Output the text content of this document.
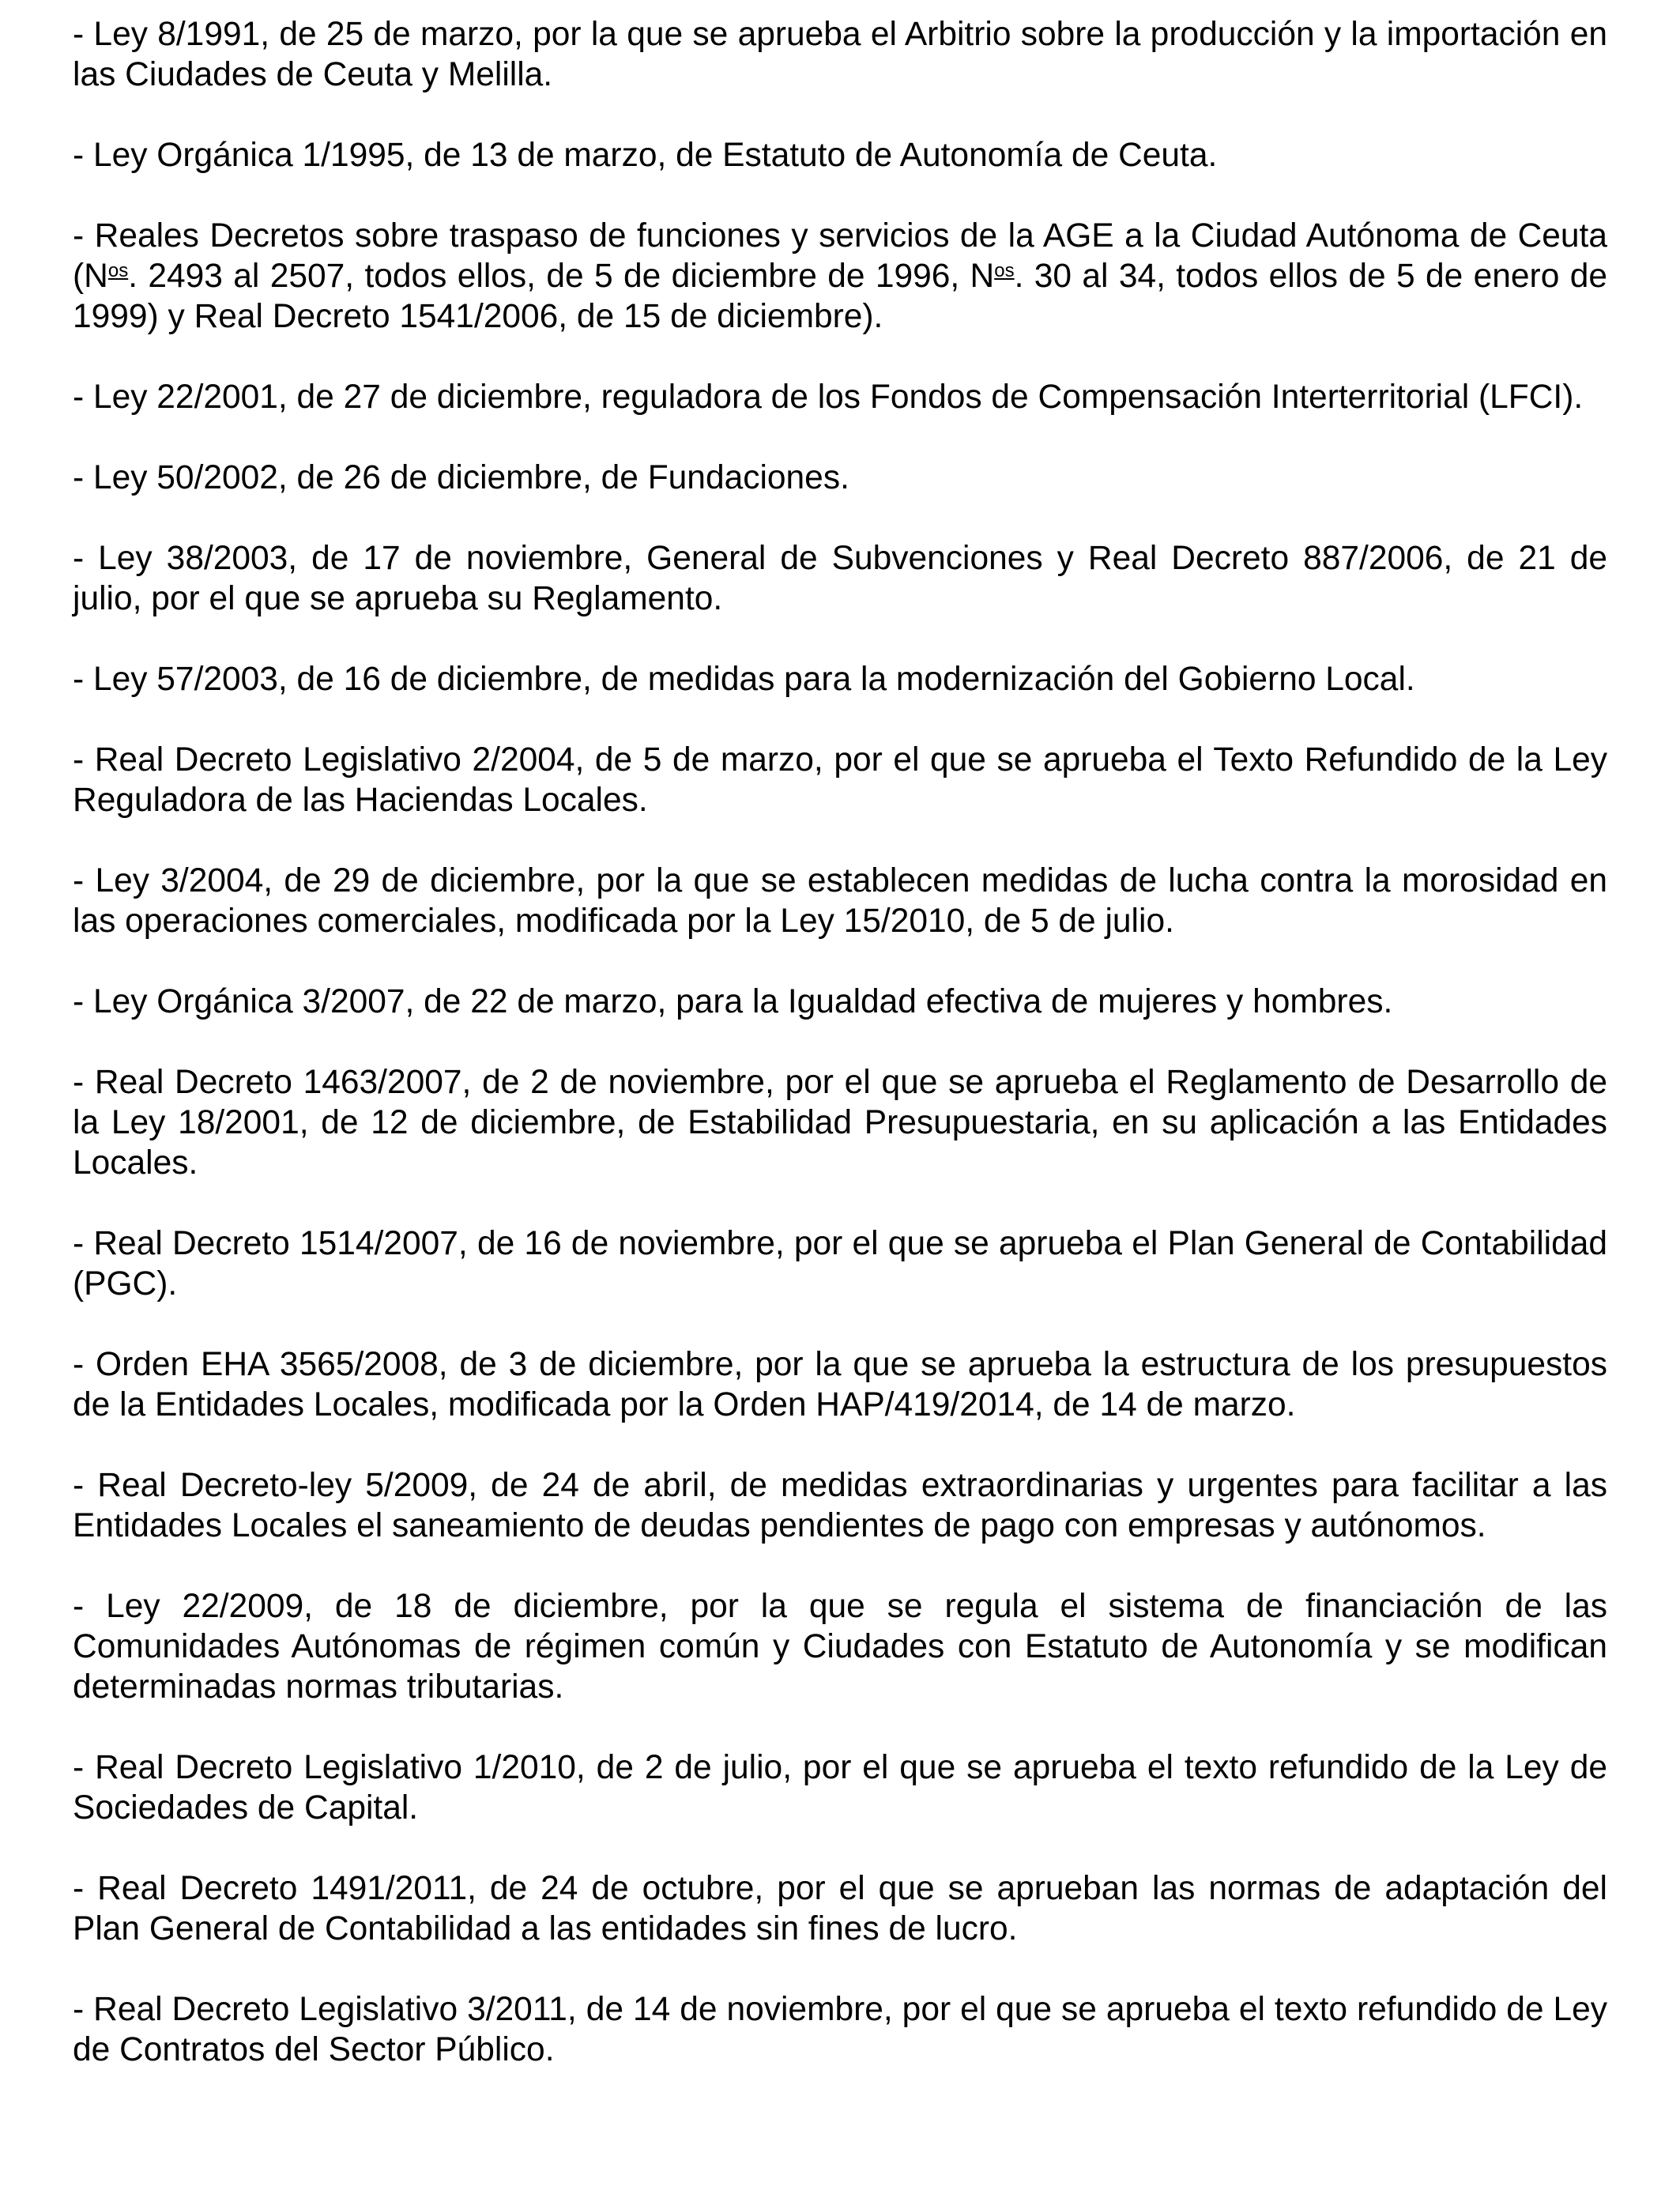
- Ley 8/1991, de 25 de marzo, por la que se aprueba el Arbitrio sobre la producción y la importación en las Ciudades de Ceuta y Melilla.

- Ley Orgánica 1/1995, de 13 de marzo, de Estatuto de Autonomía de Ceuta.

- Reales Decretos sobre traspaso de funciones y servicios de la AGE a la Ciudad Autónoma de Ceuta ($N^{os}$. 2493 al 2507, todos ellos, de 5 de diciembre de 1996, $N^{os}$. 30 al 34, todos ellos de 5 de enero de 1999) y Real Decreto 1541/2006, de 15 de diciembre).

- Ley 22/2001, de 27 de diciembre, reguladora de los Fondos de Compensación Interterritorial (LFCI).

- Ley 50/2002, de 26 de diciembre, de Fundaciones.

- Ley 38/2003, de 17 de noviembre, General de Subvenciones y Real Decreto 887/2006, de 21 de julio, por el que se aprueba su Reglamento.

- Ley 57/2003, de 16 de diciembre, de medidas para la modernización del Gobierno Local.

- Real Decreto Legislativo 2/2004, de 5 de marzo, por el que se aprueba el Texto Refundido de la Ley Reguladora de las Haciendas Locales.

- Ley 3/2004, de 29 de diciembre, por la que se establecen medidas de lucha contra la morosidad en las operaciones comerciales, modificada por la Ley 15/2010, de 5 de julio.

- Ley Orgánica 3/2007, de 22 de marzo, para la Igualdad efectiva de mujeres y hombres.

- Real Decreto 1463/2007, de 2 de noviembre, por el que se aprueba el Reglamento de Desarrollo de la Ley 18/2001, de 12 de diciembre, de Estabilidad Presupuestaria, en su aplicación a las Entidades Locales.

- Real Decreto 1514/2007, de 16 de noviembre, por el que se aprueba el Plan General de Contabilidad (PGC).

- Orden EHA 3565/2008, de 3 de diciembre, por la que se aprueba la estructura de los presupuestos de la Entidades Locales, modificada por la Orden HAP/419/2014, de 14 de marzo.

- Real Decreto-ley 5/2009, de 24 de abril, de medidas extraordinarias y urgentes para facilitar a las Entidades Locales el saneamiento de deudas pendientes de pago con empresas y autónomos.

- Ley 22/2009, de 18 de diciembre, por la que se regula el sistema de financiación de las Comunidades Autónomas de régimen común y Ciudades con Estatuto de Autonomía y se modifican determinadas normas tributarias.

- Real Decreto Legislativo 1/2010, de 2 de julio, por el que se aprueba el texto refundido de la Ley de Sociedades de Capital.

- Real Decreto 1491/2011, de 24 de octubre, por el que se aprueban las normas de adaptación del Plan General de Contabilidad a las entidades sin fines de lucro.

- Real Decreto Legislativo 3/2011, de 14 de noviembre, por el que se aprueba el texto refundido de Ley de Contratos del Sector Público.
